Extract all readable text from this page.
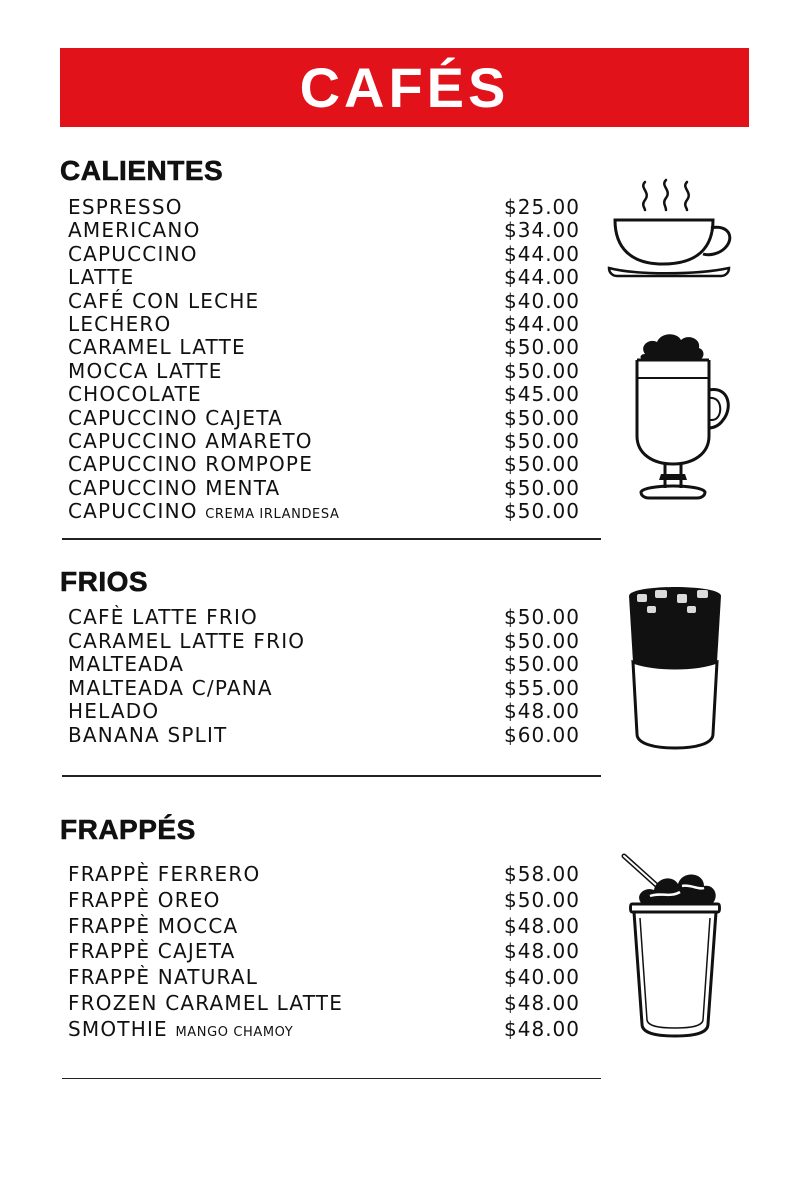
CAFÉS
CALIENTES
ESPRESSO	$25.00
AMERICANO	$34.00
CAPUCCINO	$44.00
LATTE	$44.00
CAFÉ CON LECHE	$40.00
LECHERO	$44.00
CARAMEL LATTE	$50.00
MOCCA LATTE	$50.00
CHOCOLATE	$45.00
CAPUCCINO CAJETA	$50.00
CAPUCCINO AMARETO	$50.00
CAPUCCINO ROMPOPE	$50.00
CAPUCCINO MENTA	$50.00
CAPUCCINO CREMA IRLANDESA	$50.00
FRIOS
CAFÈ LATTE FRIO	$50.00
CARAMEL LATTE FRIO	$50.00
MALTEADA	$50.00
MALTEADA C/PANA	$55.00
HELADO	$48.00
BANANA SPLIT	$60.00
FRAPPÉS
FRAPPÈ FERRERO	$58.00
FRAPPÈ OREO	$50.00
FRAPPÈ MOCCA	$48.00
FRAPPÈ CAJETA	$48.00
FRAPPÈ NATURAL	$40.00
FROZEN CARAMEL LATTE	$48.00
SMOTHIE MANGO CHAMOY	$48.00
